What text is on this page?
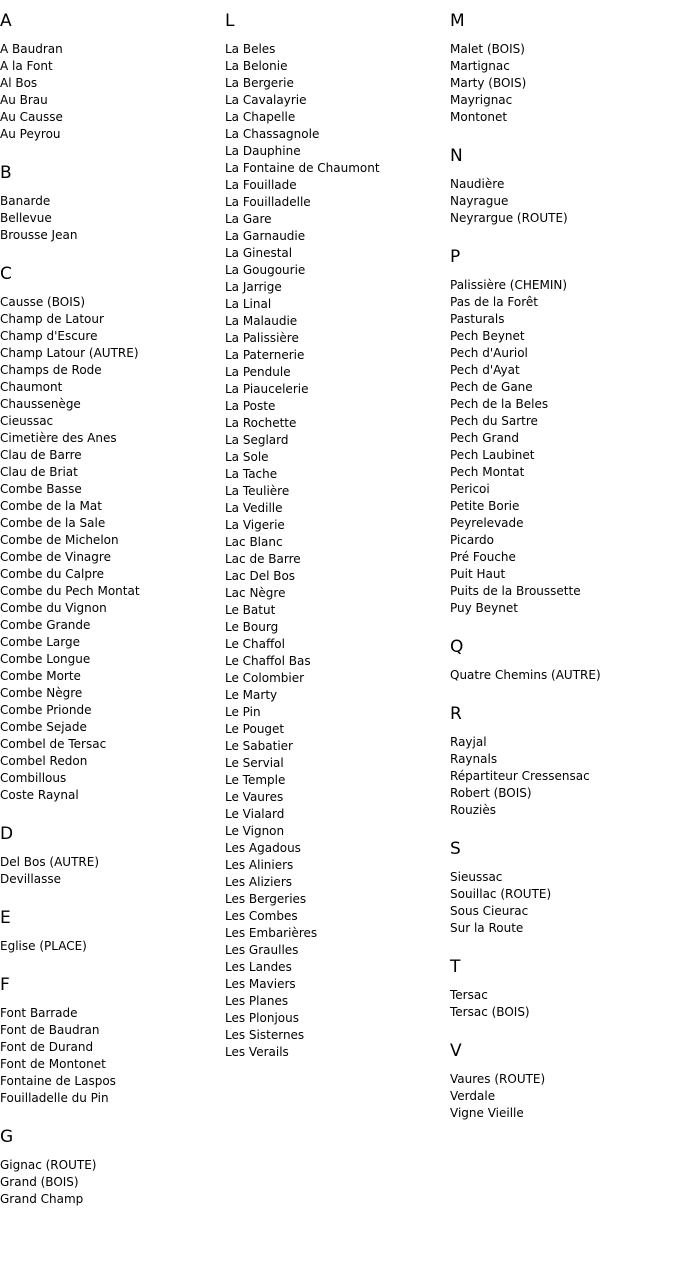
A
A Baudran
A la Font
Al Bos
Au Brau
Au Causse
Au Peyrou
B
Banarde
Bellevue
Brousse Jean
C
Causse (BOIS)
Champ de Latour
Champ d'Escure
Champ Latour (AUTRE)
Champs de Rode
Chaumont
Chaussenège
Cieussac
Cimetière des Anes
Clau de Barre
Clau de Briat
Combe Basse
Combe de la Mat
Combe de la Sale
Combe de Michelon
Combe de Vinagre
Combe du Calpre
Combe du Pech Montat
Combe du Vignon
Combe Grande
Combe Large
Combe Longue
Combe Morte
Combe Nègre
Combe Prionde
Combe Sejade
Combel de Tersac
Combel Redon
Combillous
Coste Raynal
D
Del Bos (AUTRE)
Devillasse
E
Eglise (PLACE)
F
Font Barrade
Font de Baudran
Font de Durand
Font de Montonet
Fontaine de Laspos
Fouilladelle du Pin
G
Gignac (ROUTE)
Grand (BOIS)
Grand Champ
L
La Beles
La Belonie
La Bergerie
La Cavalayrie
La Chapelle
La Chassagnole
La Dauphine
La Fontaine de Chaumont
La Fouillade
La Fouilladelle
La Gare
La Garnaudie
La Ginestal
La Gougourie
La Jarrige
La Linal
La Malaudie
La Palissière
La Paternerie
La Pendule
La Piaucelerie
La Poste
La Rochette
La Seglard
La Sole
La Tache
La Teulière
La Vedille
La Vigerie
Lac Blanc
Lac de Barre
Lac Del Bos
Lac Nègre
Le Batut
Le Bourg
Le Chaffol
Le Chaffol Bas
Le Colombier
Le Marty
Le Pin
Le Pouget
Le Sabatier
Le Servial
Le Temple
Le Vaures
Le Vialard
Le Vignon
Les Agadous
Les Aliniers
Les Aliziers
Les Bergeries
Les Combes
Les Embarières
Les Graulles
Les Landes
Les Maviers
Les Planes
Les Plonjous
Les Sisternes
Les Verails
M
Malet (BOIS)
Martignac
Marty (BOIS)
Mayrignac
Montonet
N
Naudière
Nayrague
Neyrargue (ROUTE)
P
Palissière (CHEMIN)
Pas de la Forêt
Pasturals
Pech Beynet
Pech d'Auriol
Pech d'Ayat
Pech de Gane
Pech de la Beles
Pech du Sartre
Pech Grand
Pech Laubinet
Pech Montat
Pericoi
Petite Borie
Peyrelevade
Picardo
Pré Fouche
Puit Haut
Puits de la Broussette
Puy Beynet
Q
Quatre Chemins (AUTRE)
R
Rayjal
Raynals
Répartiteur Cressensac
Robert (BOIS)
Rouziès
S
Sieussac
Souillac (ROUTE)
Sous Cieurac
Sur la Route
T
Tersac
Tersac (BOIS)
V
Vaures (ROUTE)
Verdale
Vigne Vieille
